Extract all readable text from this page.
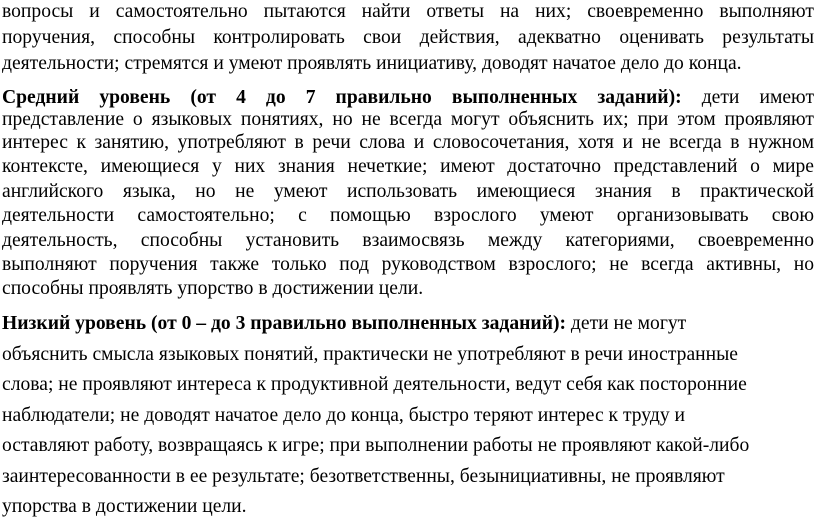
вопросы и самостоятельно пытаются найти ответы на них; своевременно выполняют
поручения, способны контролировать свои действия, адекватно оценивать результаты
деятельности; стремятся и умеют проявлять инициативу, доводят начатое дело до конца.
Средний уровень (от 4 до 7 правильно выполненных заданий): дети имеют
представление о языковых понятиях, но не всегда могут объяснить их; при этом проявляют
интерес к занятию, употребляют в речи слова и словосочетания, хотя и не всегда в нужном
контексте, имеющиеся у них знания нечеткие; имеют достаточно представлений о мире
английского языка, но не умеют использовать имеющиеся знания в практической
деятельности самостоятельно; с помощью взрослого умеют организовывать свою
деятельность, способны установить взаимосвязь между категориями, своевременно
выполняют поручения также только под руководством взрослого; не всегда активны, но
способны проявлять упорство в достижении цели.
Низкий уровень (от 0 – до 3 правильно выполненных заданий): дети не могут
объяснить смысла языковых понятий, практически не употребляют в речи иностранные
слова; не проявляют интереса к продуктивной деятельности, ведут себя как посторонние
наблюдатели; не доводят начатое дело до конца, быстро теряют интерес к труду и
оставляют работу, возвращаясь к игре; при выполнении работы не проявляют какой-либо
заинтересованности в ее результате; безответственны, безынициативны, не проявляют
упорства в достижении цели.
